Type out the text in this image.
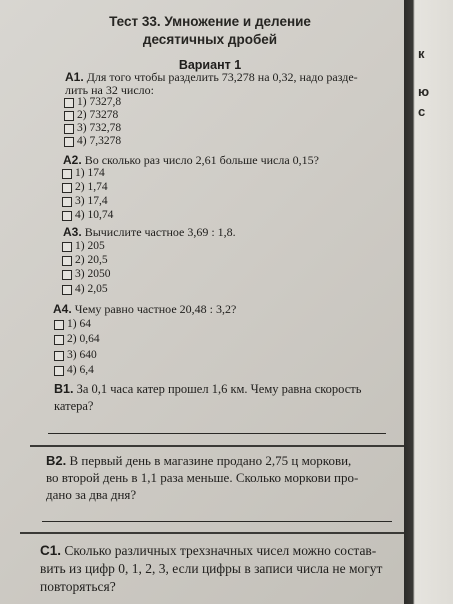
Тест 33. Умножение и деление
десятичных дробей
Вариант 1
А1. Для того чтобы разделить 73,278 на 0,32, надо разде-
лить на 32 число:
1) 7327,8
2) 73278
3) 732,78
4) 7,3278
А2. Во сколько раз число 2,61 больше числа 0,15?
1) 174
2) 1,74
3) 17,4
4) 10,74
А3. Вычислите частное 3,69 : 1,8.
1) 205
2) 20,5
3) 2050
4) 2,05
А4. Чему равно частное 20,48 : 3,2?
1) 64
2) 0,64
3) 640
4) 6,4
В1. За 0,1 часа катер прошел 1,6 км. Чему равна скорость
катера?
В2. В первый день в магазине продано 2,75 ц моркови,
во второй день в 1,1 раза меньше. Сколько моркови про-
дано за два дня?
С1. Сколько различных трехзначных чисел можно состав-
вить из цифр 0, 1, 2, 3, если цифры в записи числа не могут
повторяться?
к
ю
с
